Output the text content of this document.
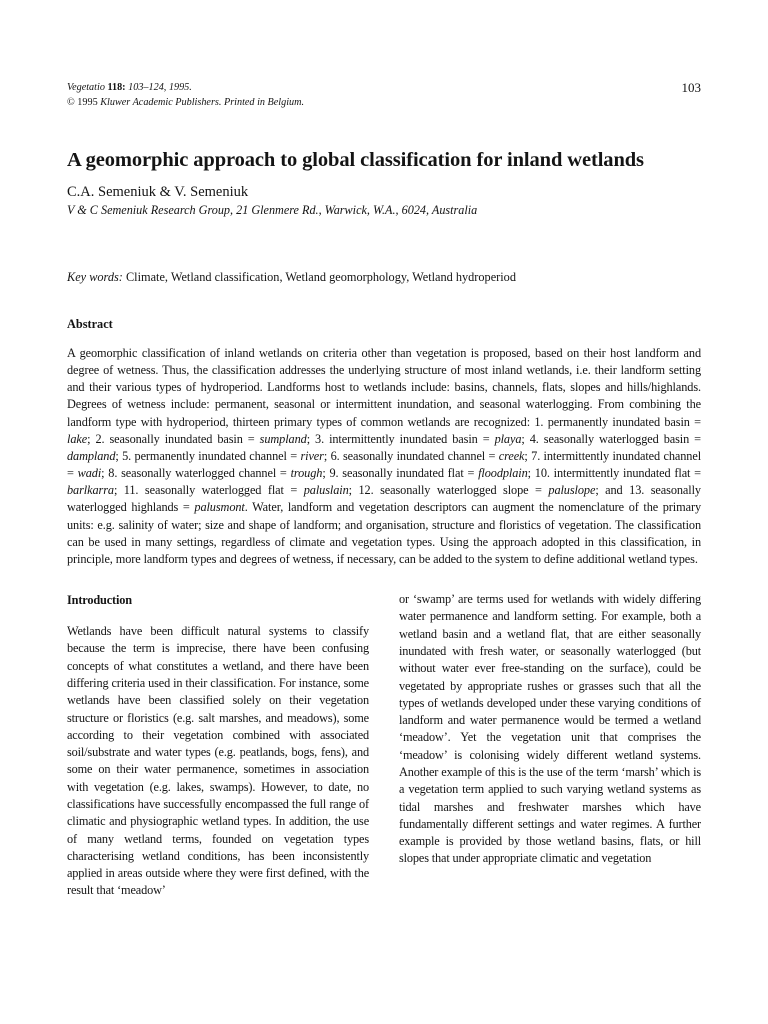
Vegetatio 118: 103–124, 1995.
© 1995 Kluwer Academic Publishers. Printed in Belgium.
103
A geomorphic approach to global classification for inland wetlands
C.A. Semeniuk & V. Semeniuk
V & C Semeniuk Research Group, 21 Glenmere Rd., Warwick, W.A., 6024, Australia
Key words: Climate, Wetland classification, Wetland geomorphology, Wetland hydroperiod
Abstract
A geomorphic classification of inland wetlands on criteria other than vegetation is proposed, based on their host landform and degree of wetness. Thus, the classification addresses the underlying structure of most inland wetlands, i.e. their landform setting and their various types of hydroperiod. Landforms host to wetlands include: basins, channels, flats, slopes and hills/highlands. Degrees of wetness include: permanent, seasonal or intermittent inundation, and seasonal waterlogging. From combining the landform type with hydroperiod, thirteen primary types of common wetlands are recognized: 1. permanently inundated basin = lake; 2. seasonally inundated basin = sumpland; 3. intermittently inundated basin = playa; 4. seasonally waterlogged basin = dampland; 5. permanently inundated channel = river; 6. seasonally inundated channel = creek; 7. intermittently inundated channel = wadi; 8. seasonally waterlogged channel = trough; 9. seasonally inundated flat = floodplain; 10. intermittently inundated flat = barlkarra; 11. seasonally waterlogged flat = paluslain; 12. seasonally waterlogged slope = paluslope; and 13. seasonally waterlogged highlands = palusmont. Water, landform and vegetation descriptors can augment the nomenclature of the primary units: e.g. salinity of water; size and shape of landform; and organisation, structure and floristics of vegetation. The classification can be used in many settings, regardless of climate and vegetation types. Using the approach adopted in this classification, in principle, more landform types and degrees of wetness, if necessary, can be added to the system to define additional wetland types.
Introduction

Wetlands have been difficult natural systems to classify because the term is imprecise, there have been confusing concepts of what constitutes a wetland, and there have been differing criteria used in their classification. For instance, some wetlands have been classified solely on their vegetation structure or floristics (e.g. salt marshes, and meadows), some according to their vegetation combined with associated soil/substrate and water types (e.g. peatlands, bogs, fens), and some on their water permanence, sometimes in association with vegetation (e.g. lakes, swamps). However, to date, no classifications have successfully encompassed the full range of climatic and physiographic wetland types. In addition, the use of many wetland terms, founded on vegetation types characterising wetland conditions, has been inconsistently applied in areas outside where they were first defined, with the result that ‘meadow’

or ‘swamp’ are terms used for wetlands with widely differing water permanence and landform setting. For example, both a wetland basin and a wetland flat, that are either seasonally inundated with fresh water, or seasonally waterlogged (but without water ever free-standing on the surface), could be vegetated by appropriate rushes or grasses such that all the types of wetlands developed under these varying conditions of landform and water permanence would be termed a wetland ‘meadow’. Yet the vegetation unit that comprises the ‘meadow’ is colonising widely different wetland systems. Another example of this is the use of the term ‘marsh’ which is a vegetation term applied to such varying wetland systems as tidal marshes and freshwater marshes which have fundamentally different settings and water regimes. A further example is provided by those wetland basins, flats, or hill slopes that under appropriate climatic and vegetation
